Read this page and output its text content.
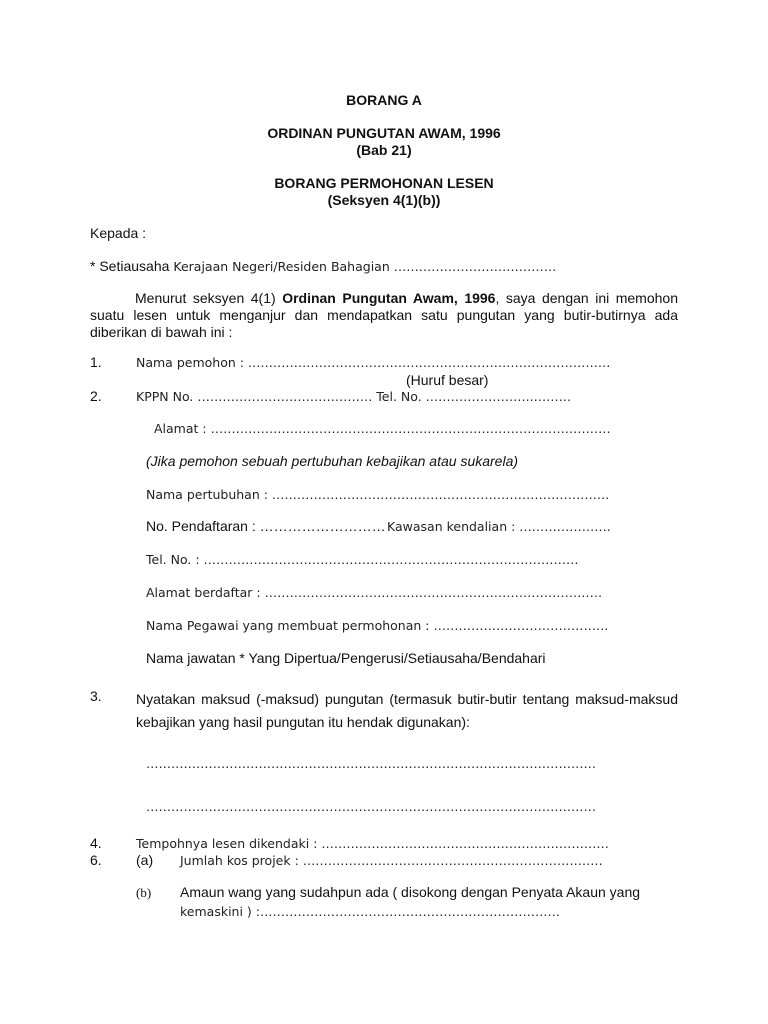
BORANG A
ORDINAN PUNGUTAN AWAM, 1996
(Bab 21)
BORANG PERMOHONAN LESEN
(Seksyen 4(1)(b))
Kepada :
* Setiausaha Kerajaan Negeri/Residen Bahagian …………………………………
Menurut seksyen 4(1) Ordinan Pungutan Awam, 1996, saya dengan ini memohon suatu lesen untuk menganjur dan mendapatkan satu pungutan yang butir-butirnya ada diberikan di bawah ini :
1.	Nama pemohon : ……………………………………………………………………………
(Huruf besar)
2.	KPPN No. …………………………………… Tel. No. ……………………..………
Alamat : ……………………………………………………………………………………
(Jika pemohon sebuah pertubuhan kebajikan atau sukarela)
Nama pertubuhan : ………………………………………………………………………
No. Pendaftaran : ……………………… Kawasan kendalian : ………………….
Tel. No. : ………………………………………………………………………………
Alamat berdaftar : ………………………………………………………………………
Nama Pegawai yang membuat permohonan : ……………………………………
Nama jawatan * Yang Dipertua/Pengerusi/Setiausaha/Bendahari
3. Nyatakan maksud (-maksud) pungutan (termasuk butir-butir tentang maksud-maksud kebajikan yang hasil pungutan itu hendak digunakan):
………………………………………………………………………………………………
………………………………………………………………………………………………
4.	Tempohnya lesen dikendaki : ……………………………………………………………
6. (a) Jumlah kos projek : ………………………………………………………………
(b) Amaun wang yang sudahpun ada ( disokong dengan Penyata Akaun yang
kemaskini ) :………………………………………………………………
